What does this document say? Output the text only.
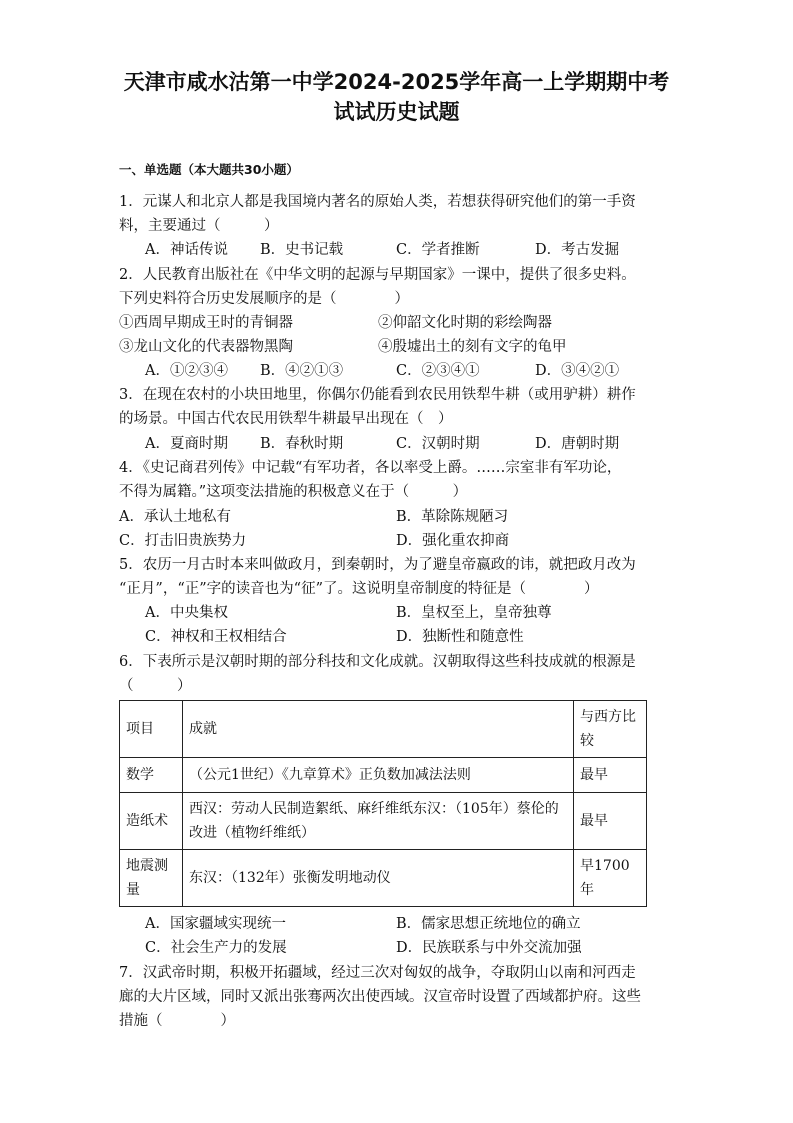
天津市咸水沽第一中学2024-2025学年高一上学期期中考
试试历史试题
一、单选题（本大题共30小题）
1．元谋人和北京人都是我国境内著名的原始人类，若想获得研究他们的第一手资
料，主要通过（　　　）
A．神话传说 B．史书记载	C．学者推断	D．考古发掘
2．人民教育出版社在《中华文明的起源与早期国家》一课中，提供了很多史料。
下列史料符合历史发展顺序的是（　　　　）
①西周早期成王时的青铜器	②仰韶文化时期的彩绘陶器
③龙山文化的代表器物黑陶	④殷墟出土的刻有文字的龟甲
A．①②③④ B．④②①③	C．②③④①	D．③④②①
3．在现在农村的小块田地里，你偶尔仍能看到农民用铁犁牛耕（或用驴耕）耕作
的场景。中国古代农民用铁犁牛耕最早出现在（　）
A．夏商时期 B．春秋时期	C．汉朝时期	D．唐朝时期
4．《史记商君列传》中记载“有军功者，各以率受上爵。……宗室非有军功论，
不得为属籍。”这项变法措施的积极意义在于（　　　）
A．承认土地私有	B．革除陈规陋习
C．打击旧贵族势力	D．强化重农抑商
5．农历一月古时本来叫做政月，到秦朝时，为了避皇帝嬴政的讳，就把政月改为
“正月”，“正”字的读音也为“征”了。这说明皇帝制度的特征是（　　　　）
A．中央集权	B．皇权至上，皇帝独尊
C．神权和王权相结合	D．独断性和随意性
6．下表所示是汉朝时期的部分科技和文化成就。汉朝取得这些科技成就的根源是
（　　　）
项目	成就	与西方比较
数学	（公元1世纪）《九章算术》正负数加减法法则	最早
造纸术	西汉：劳动人民制造絮纸、麻纤维纸东汉：（105年）蔡伦的改进（植物纤维纸）	最早
地震测量	东汉：（132年）张衡发明地动仪	早1700年
A．国家疆域实现统一	B．儒家思想正统地位的确立
C．社会生产力的发展	D．民族联系与中外交流加强
7．汉武帝时期，积极开拓疆域，经过三次对匈奴的战争，夺取阴山以南和河西走
廊的大片区域，同时又派出张骞两次出使西域。汉宣帝时设置了西域都护府。这些
措施（　　　　）
